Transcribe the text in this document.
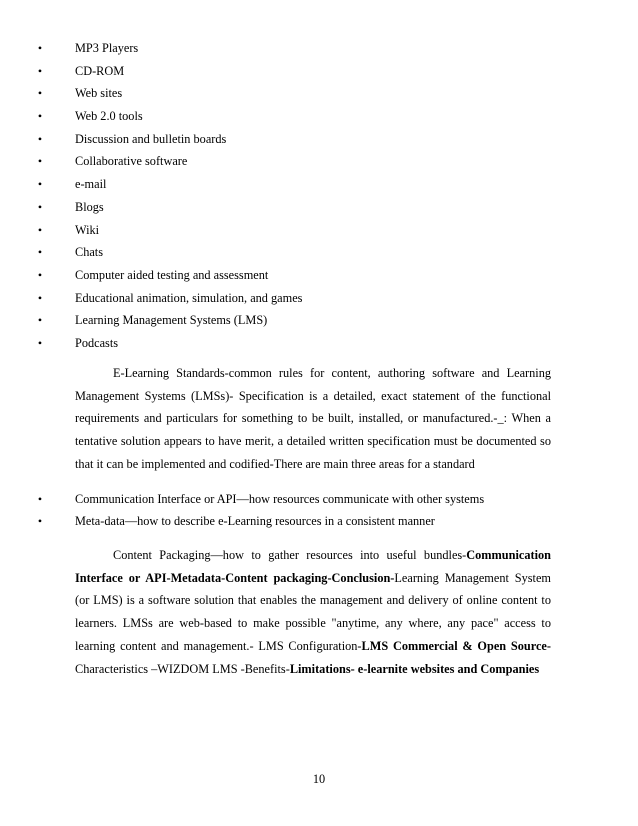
•	MP3 Players
•	CD-ROM
•	Web sites
•	Web 2.0 tools
•	Discussion and bulletin boards
•	Collaborative software
•	e-mail
•	Blogs
•	Wiki
•	Chats
•	Computer aided testing and assessment
•	Educational animation, simulation, and games
•	Learning Management Systems (LMS)
•	Podcasts

E-Learning Standards-common rules for content, authoring software and Learning Management Systems (LMSs)- Specification is a detailed, exact statement of the functional requirements and particulars for something to be built, installed, or manufactured.-_: When a tentative solution appears to have merit, a detailed written specification must be documented so that it can be implemented and codified-There are main three areas for a standard

•	Communication Interface or API—how resources communicate with other systems
•	Meta-data—how to describe e-Learning resources in a consistent manner

Content Packaging—how to gather resources into useful bundles-Communication Interface or API-Metadata-Content packaging-Conclusion-Learning Management System (or LMS) is a software solution that enables the management and delivery of online content to learners. LMSs are web-based to make possible "anytime, any where, any pace" access to learning content and management.- LMS Configuration-LMS Commercial & Open Source-Characteristics –WIZDOM LMS -Benefits-Limitations- e-learnite websites and Companies

10
